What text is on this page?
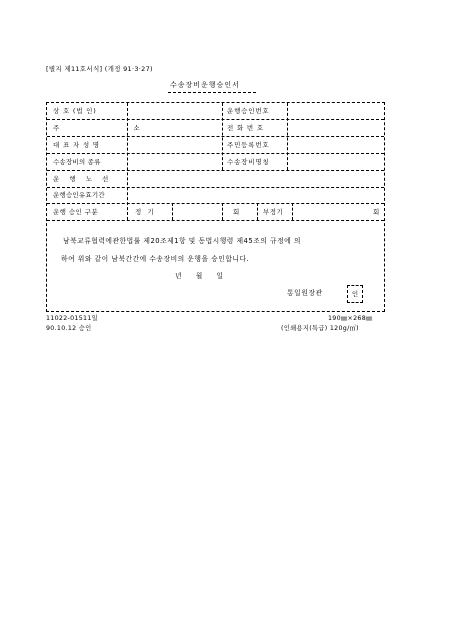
[별지 제11호서식] (개정 91·3·27)
수송장비운행승인서
상 호 (법 인)	운행승인번호
주 소	전 화 번 호
대 표 자 성 명	주민등록번호
수송장비의 종류	수송장비명칭
운 행 노 선
운행승인유효기간
운행 승인 구분	정 기	회	부정기	회
남북교류협력에관한법률 제20조제1항 및 동법시행령 제45조의 규정에 의
하여 위와 같이 남북간간에 수송장비의 운행을 승인합니다.
년 월 일
통일원장관	인
11022-01511일
90.10.12 승인
190㎜×268㎜
(인쇄용지(특급) 120g/㎡)
